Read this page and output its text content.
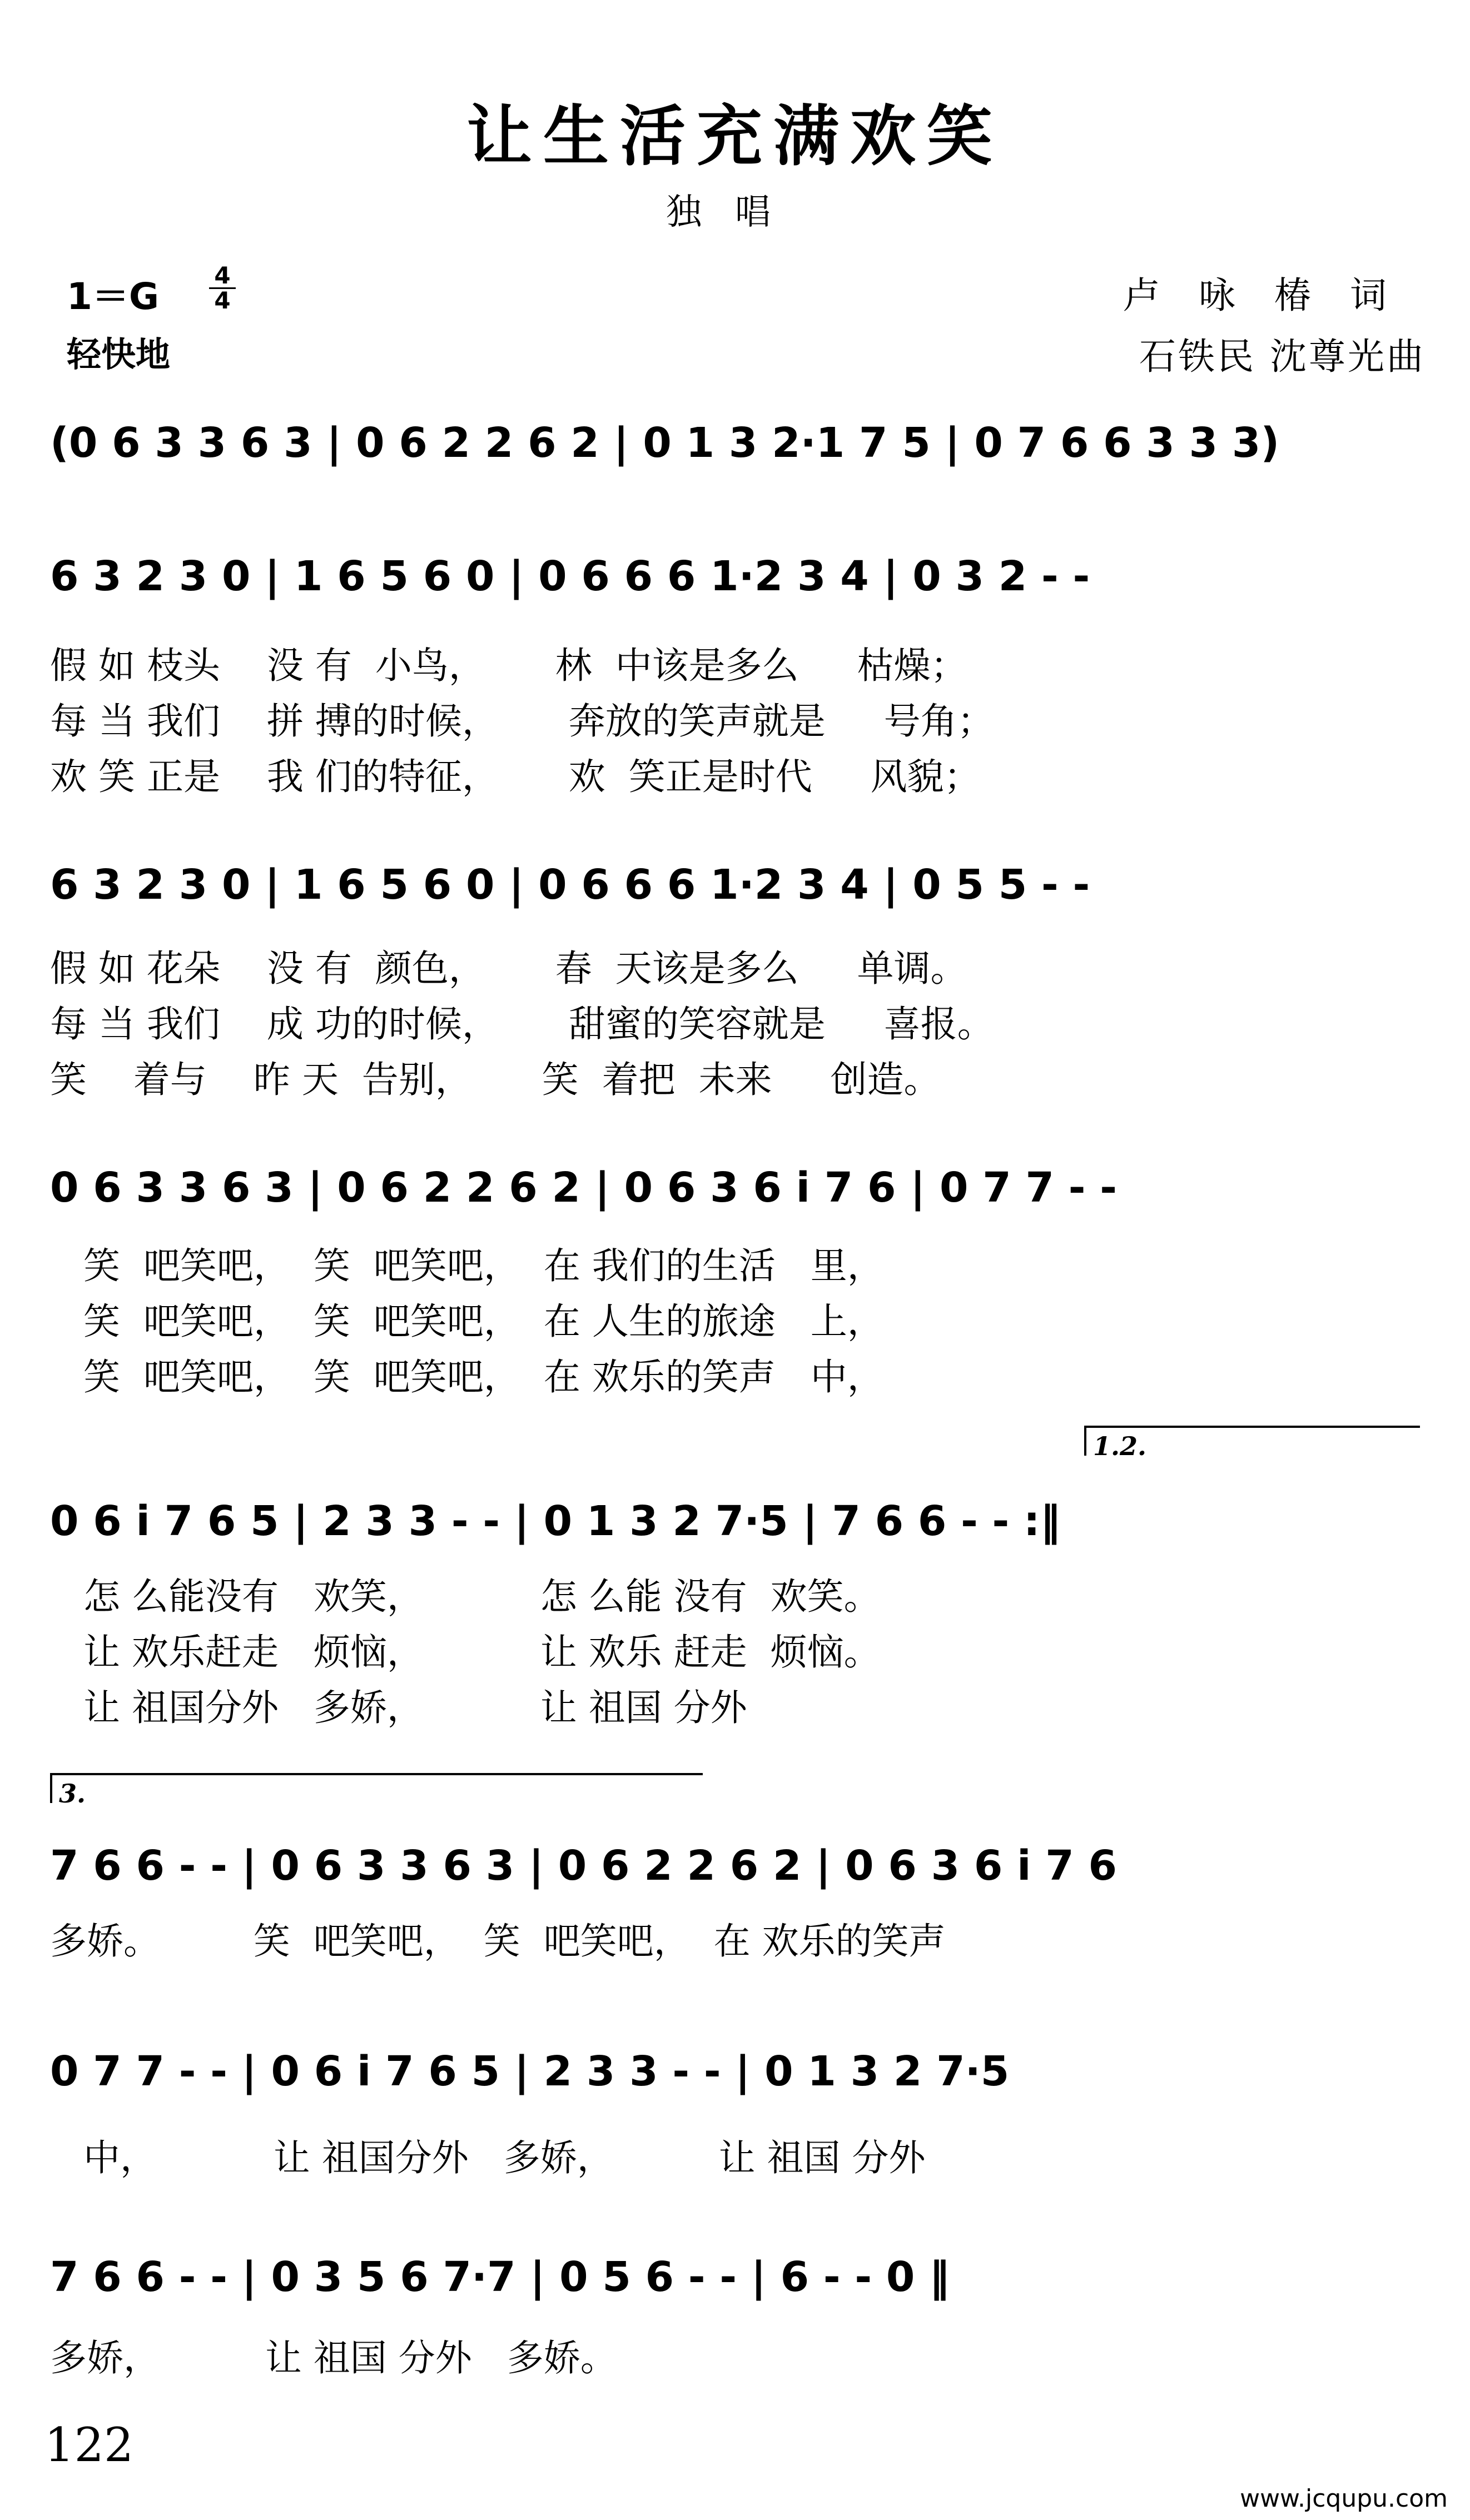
让生活充满欢笑
独唱
1＝G	4
4
轻快地
卢咏椿词
石铁民 沈尊光曲
(0 6 3 3 6 3 | 0 6 2 2 6 2 | 0 1 3 2·1 7 5 | 0 7 6 6 3 3 3)
6 3 2 3 0 | 1 6 5 6 0 | 0 6 6 6 1·2 3 4 | 0 3 2 - -
假 如 枝头    没 有  小鸟，      林  中该是多么     枯燥；
每 当 我们    拼 搏的时候，      奔放的笑声就是     号角；
欢 笑 正是    我 们的特征，      欢  笑正是时代     风貌；
6 3 2 3 0 | 1 6 5 6 0 | 0 6 6 6 1·2 3 4 | 0 5 5 - -
假 如 花朵    没 有  颜色，      春  天该是多么     单调。
每 当 我们    成 功的时候，      甜蜜的笑容就是     喜报。
笑    着与    昨 天  告别，      笑  着把  未来     创造。
0 6 3 3 6 3 | 0 6 2 2 6 2 | 0 6 3 6 i 7 6 | 0 7 7 - -
笑  吧笑吧，  笑  吧笑吧，  在 我们的生活   里，
笑  吧笑吧，  笑  吧笑吧，  在 人生的旅途   上，
笑  吧笑吧，  笑  吧笑吧，  在 欢乐的笑声   中，
1.2.
0 6 i 7 6 5 | 2 3 3 - - | 0 1 3 2 7·5 | 7 6 6 - - :‖
怎 么能没有   欢笑，          怎 么能 没有  欢笑。
让 欢乐赶走   烦恼，          让 欢乐 赶走  烦恼。
让 祖国分外   多娇，          让 祖国 分外
3.
7 6 6 - - | 0 6 3 3 6 3 | 0 6 2 2 6 2 | 0 6 3 6 i 7 6
多娇。        笑  吧笑吧，  笑  吧笑吧，  在 欢乐的笑声
0 7 7 - - | 0 6 i 7 6 5 | 2 3 3 - - | 0 1 3 2 7·5
中，          让 祖国分外   多娇，         让 祖国 分外
7 6 6 - - | 0 3 5 6 7·7 | 0 5 6 - - | 6 - - 0 ‖
多娇，         让 祖国 分外   多娇。
122
www.jcqupu.com
